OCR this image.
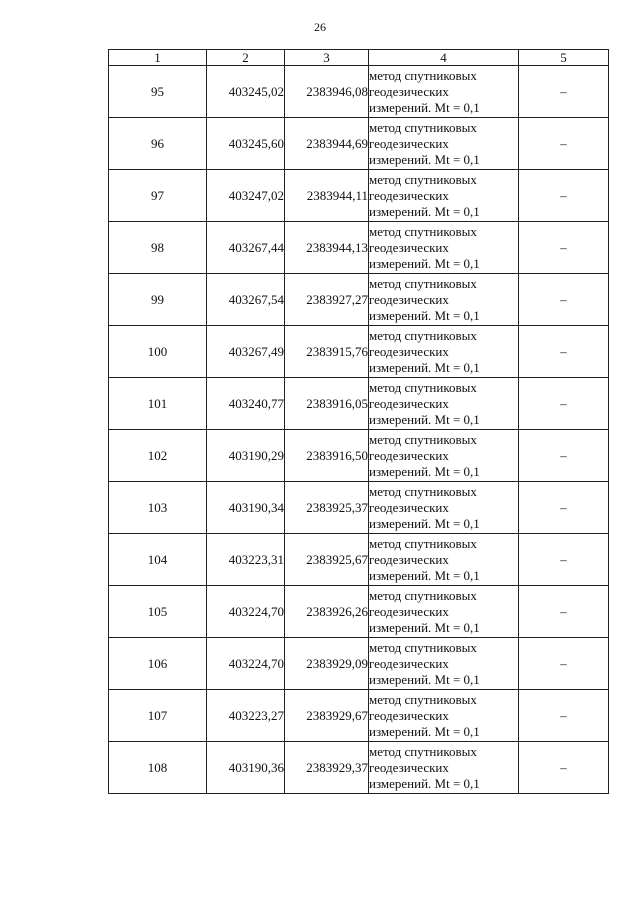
26
1	2	3	4	5
95	403245,02	2383946,08	метод спутниковых
геодезических
измерений. Mt = 0,1	–
96	403245,60	2383944,69	метод спутниковых
геодезических
измерений. Mt = 0,1	–
97	403247,02	2383944,11	метод спутниковых
геодезических
измерений. Mt = 0,1	–
98	403267,44	2383944,13	метод спутниковых
геодезических
измерений. Mt = 0,1	–
99	403267,54	2383927,27	метод спутниковых
геодезических
измерений. Mt = 0,1	–
100	403267,49	2383915,76	метод спутниковых
геодезических
измерений. Mt = 0,1	–
101	403240,77	2383916,05	метод спутниковых
геодезических
измерений. Mt = 0,1	–
102	403190,29	2383916,50	метод спутниковых
геодезических
измерений. Mt = 0,1	–
103	403190,34	2383925,37	метод спутниковых
геодезических
измерений. Mt = 0,1	–
104	403223,31	2383925,67	метод спутниковых
геодезических
измерений. Mt = 0,1	–
105	403224,70	2383926,26	метод спутниковых
геодезических
измерений. Mt = 0,1	–
106	403224,70	2383929,09	метод спутниковых
геодезических
измерений. Mt = 0,1	–
107	403223,27	2383929,67	метод спутниковых
геодезических
измерений. Mt = 0,1	–
108	403190,36	2383929,37	метод спутниковых
геодезических
измерений. Mt = 0,1	–
